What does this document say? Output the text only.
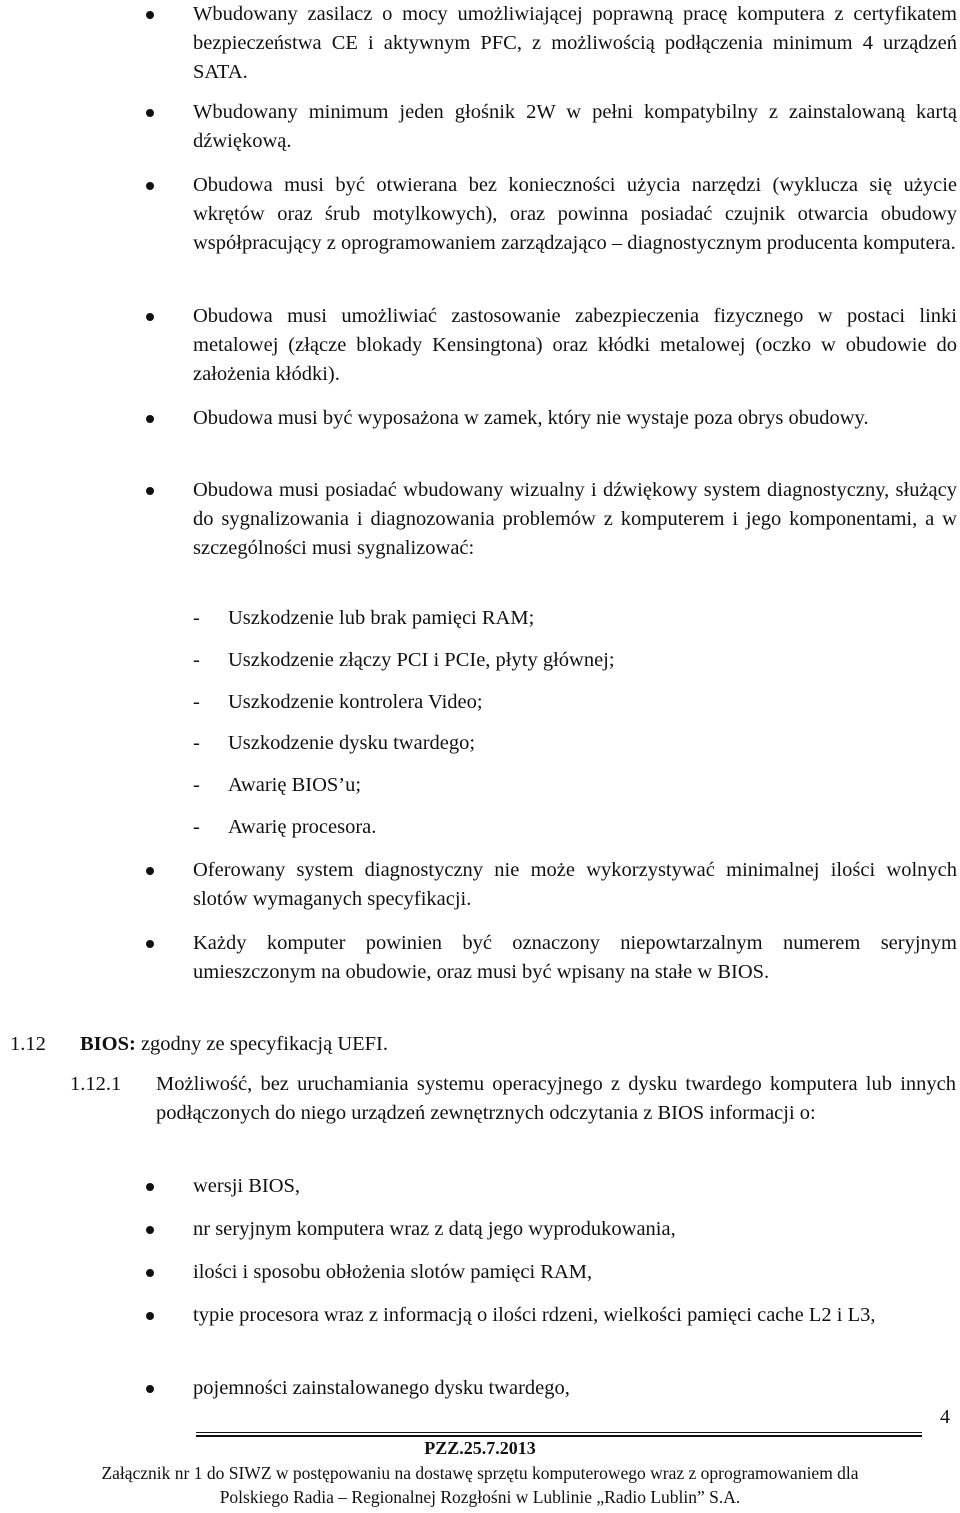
Wbudowany zasilacz o mocy umożliwiającej poprawną pracę komputera z certyfikatem bezpieczeństwa CE i aktywnym PFC, z możliwością podłączenia minimum 4 urządzeń SATA.
Wbudowany minimum jeden głośnik 2W w pełni kompatybilny z zainstalowaną kartą dźwiękową.
Obudowa musi być otwierana bez konieczności użycia narzędzi (wyklucza się użycie wkrętów oraz śrub motylkowych), oraz powinna posiadać czujnik otwarcia obudowy współpracujący z oprogramowaniem zarządzająco – diagnostycznym producenta komputera.
Obudowa musi umożliwiać zastosowanie zabezpieczenia fizycznego w postaci linki metalowej (złącze blokady Kensingtona) oraz kłódki metalowej (oczko w obudowie do założenia kłódki).
Obudowa musi być wyposażona w zamek, który nie wystaje poza obrys obudowy.
Obudowa musi posiadać wbudowany wizualny i dźwiękowy system diagnostyczny, służący do sygnalizowania i diagnozowania problemów z komputerem i jego komponentami, a w szczególności musi sygnalizować:
- Uszkodzenie lub brak pamięci RAM;
- Uszkodzenie złączy PCI i PCIe, płyty głównej;
- Uszkodzenie kontrolera Video;
- Uszkodzenie dysku twardego;
- Awarię BIOS’u;
- Awarię procesora.
Oferowany system diagnostyczny nie może wykorzystywać minimalnej ilości wolnych slotów wymaganych specyfikacji.
Każdy komputer powinien być oznaczony niepowtarzalnym numerem seryjnym umieszczonym na obudowie, oraz musi być wpisany na stałe w BIOS.
1.12 BIOS: zgodny ze specyfikacją UEFI.
1.12.1 Możliwość, bez uruchamiania systemu operacyjnego z dysku twardego komputera lub innych podłączonych do niego urządzeń zewnętrznych odczytania z BIOS informacji o:
wersji BIOS,
nr seryjnym komputera wraz z datą jego wyprodukowania,
ilości i sposobu obłożenia slotów pamięci RAM,
typie procesora wraz z informacją o ilości rdzeni, wielkości pamięci cache L2 i L3,
pojemności zainstalowanego dysku twardego,
4
PZZ.25.7.2013
Załącznik nr 1 do SIWZ w postępowaniu na dostawę sprzętu komputerowego wraz z oprogramowaniem dla
Polskiego Radia – Regionalnej Rozgłośni w Lublinie „Radio Lublin” S.A.
